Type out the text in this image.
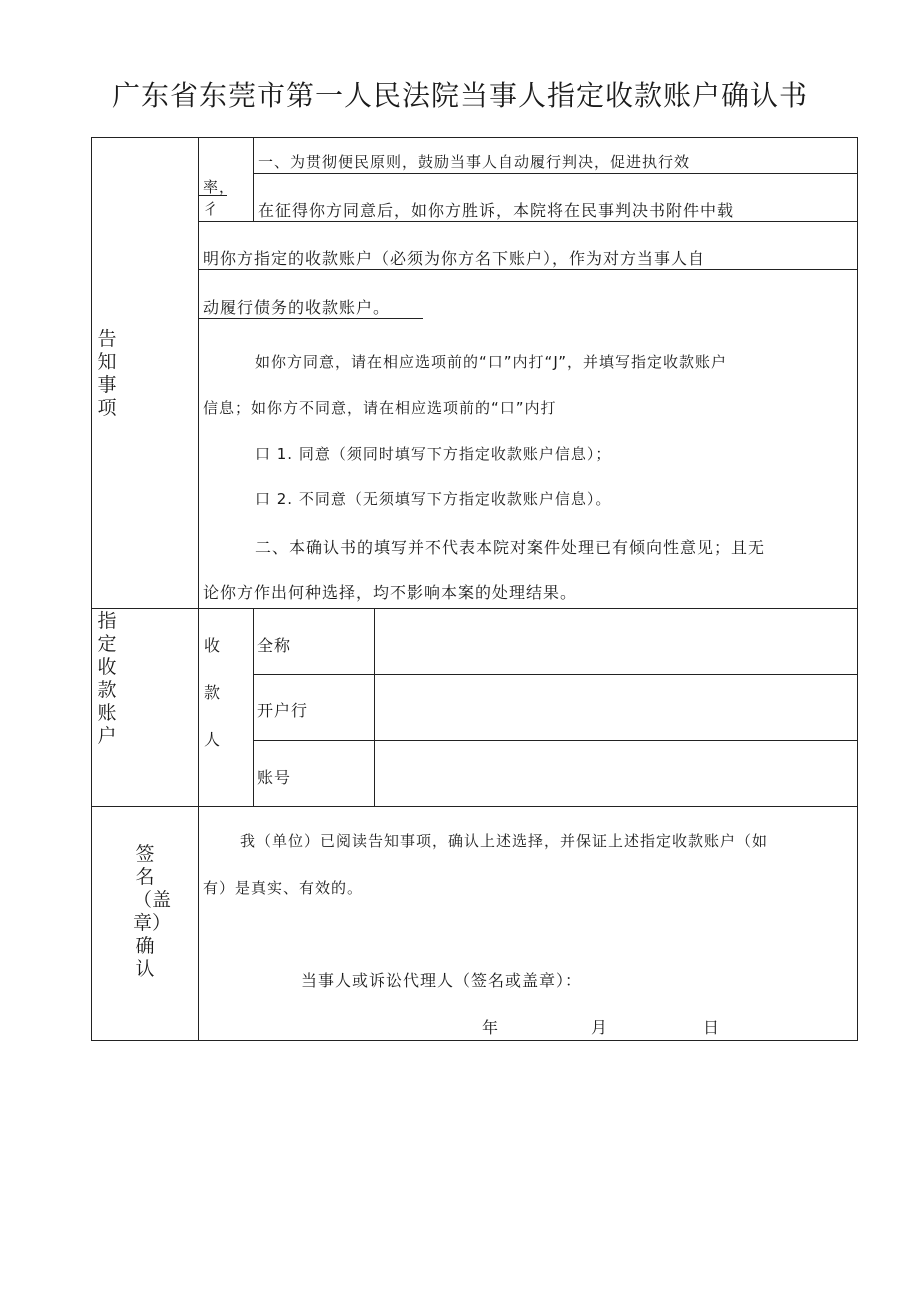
广东省东莞市第一人民法院当事人指定收款账户确认书
告知事项
率，
彳
一、为贯彻便民原则，鼓励当事人自动履行判决，促进执行效
在征得你方同意后，如你方胜诉，本院将在民事判决书附件中载
明你方指定的收款账户（必须为你方名下账户），作为对方当事人自
动履行债务的收款账户。
如你方同意，请在相应选项前的“口”内打“J”，并填写指定收款账户
信息；如你方不同意，请在相应选项前的“口”内打
口 1. 同意（须同时填写下方指定收款账户信息）；
口 2. 不同意（无须填写下方指定收款账户信息）。
二、本确认书的填写并不代表本院对案件处理已有倾向性意见；且无
论你方作出何种选择，均不影响本案的处理结果。
指定收款账户
收款人
全称
开户行
账号
签名（盖章）确认
我（单位）已阅读告知事项，确认上述选择，并保证上述指定收款账户（如
有）是真实、有效的。
当事人或诉讼代理人（签名或盖章）：
年	月	日
